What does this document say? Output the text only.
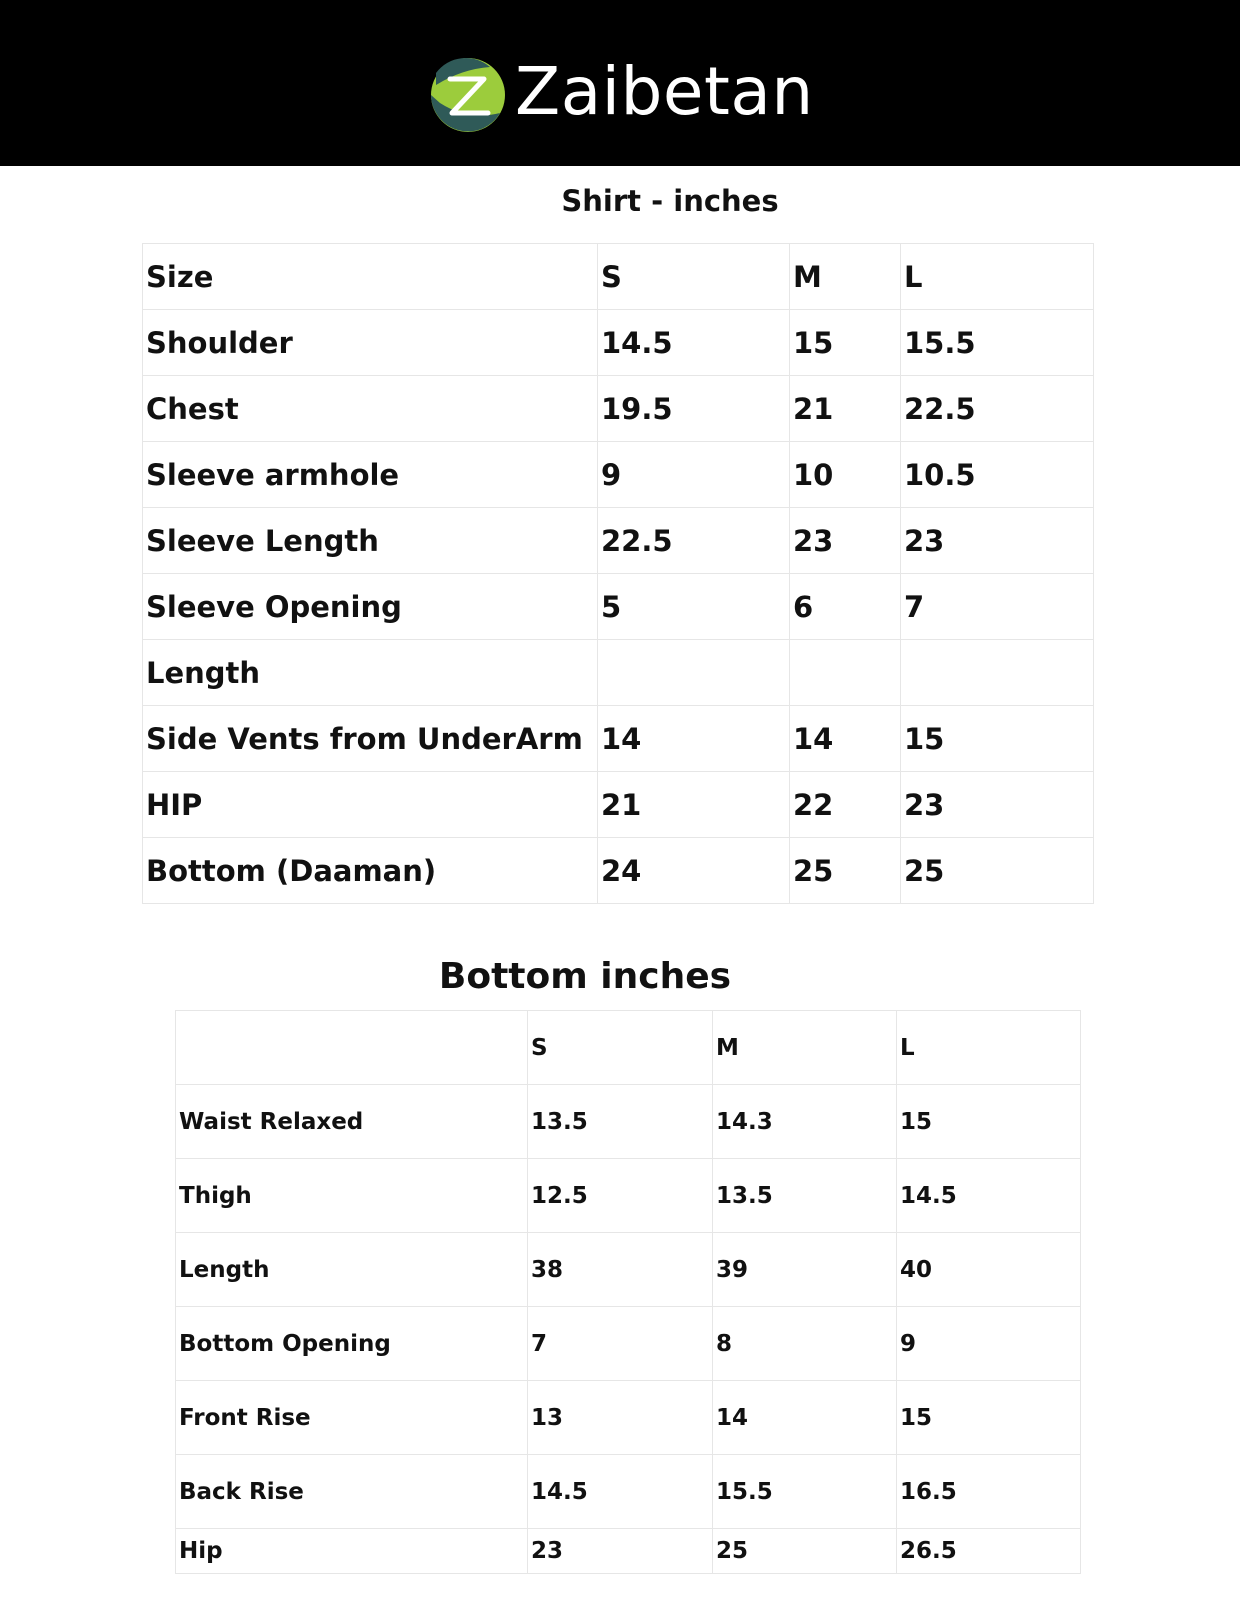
Zaibetan
Shirt - inches
Size	S	M	L
Shoulder	14.5	15	15.5
Chest	19.5	21	22.5
Sleeve armhole	9	10	10.5
Sleeve Length	22.5	23	23
Sleeve Opening	5	6	7
Length			
Side Vents from UnderArm	14	14	15
HIP	21	22	23
Bottom (Daaman)	24	25	25
Bottom inches
	S	M	L
Waist Relaxed	13.5	14.3	15
Thigh	12.5	13.5	14.5
Length	38	39	40
Bottom Opening	7	8	9
Front Rise	13	14	15
Back Rise	14.5	15.5	16.5
Hip	23	25	26.5
